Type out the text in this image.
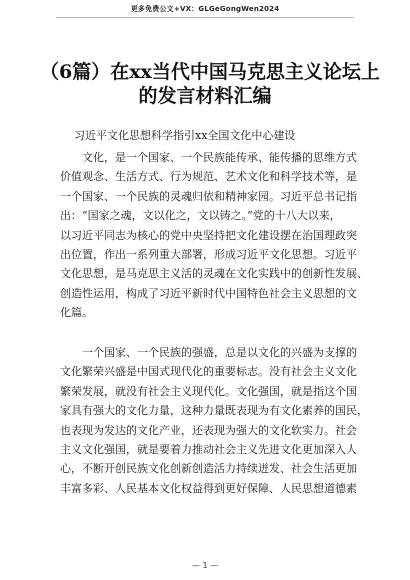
更多免费公文+VX：GLGeGongWen2024
（6篇）在xx当代中国马克思主义论坛上
的发言材料汇编
习近平文化思想科学指引xx全国文化中心建设
文化，是一个国家、一个民族能传承、能传播的思维方式
价值观念、生活方式、行为规范、艺术文化和科学技术等，是
一个国家、一个民族的灵魂归依和精神家园。习近平总书记指
出：“国家之魂，文以化之，文以铸之。”党的十八大以来，
以习近平同志为核心的党中央坚持把文化建设摆在治国理政突
出位置，作出一系列重大部署，形成习近平文化思想。习近平
文化思想，是马克思主义活的灵魂在文化实践中的创新性发展、
创造性运用，构成了习近平新时代中国特色社会主义思想的文
化篇。
一个国家、一个民族的强盛，总是以文化的兴盛为支撑的
文化繁荣兴盛是中国式现代化的重要标志。没有社会主义文化
繁荣发展，就没有社会主义现代化。文化强国，就是指这个国
家具有强大的文化力量，这种力量既表现为有文化素养的国民，
也表现为发达的文化产业，还表现为强大的文化软实力。社会
主义文化强国，就是要着力推动社会主义先进文化更加深入人
心，不断开创民族文化创新创造活力持续迸发、社会生活更加
丰富多彩、人民基本文化权益得到更好保障、人民思想道德素
— 1 —
